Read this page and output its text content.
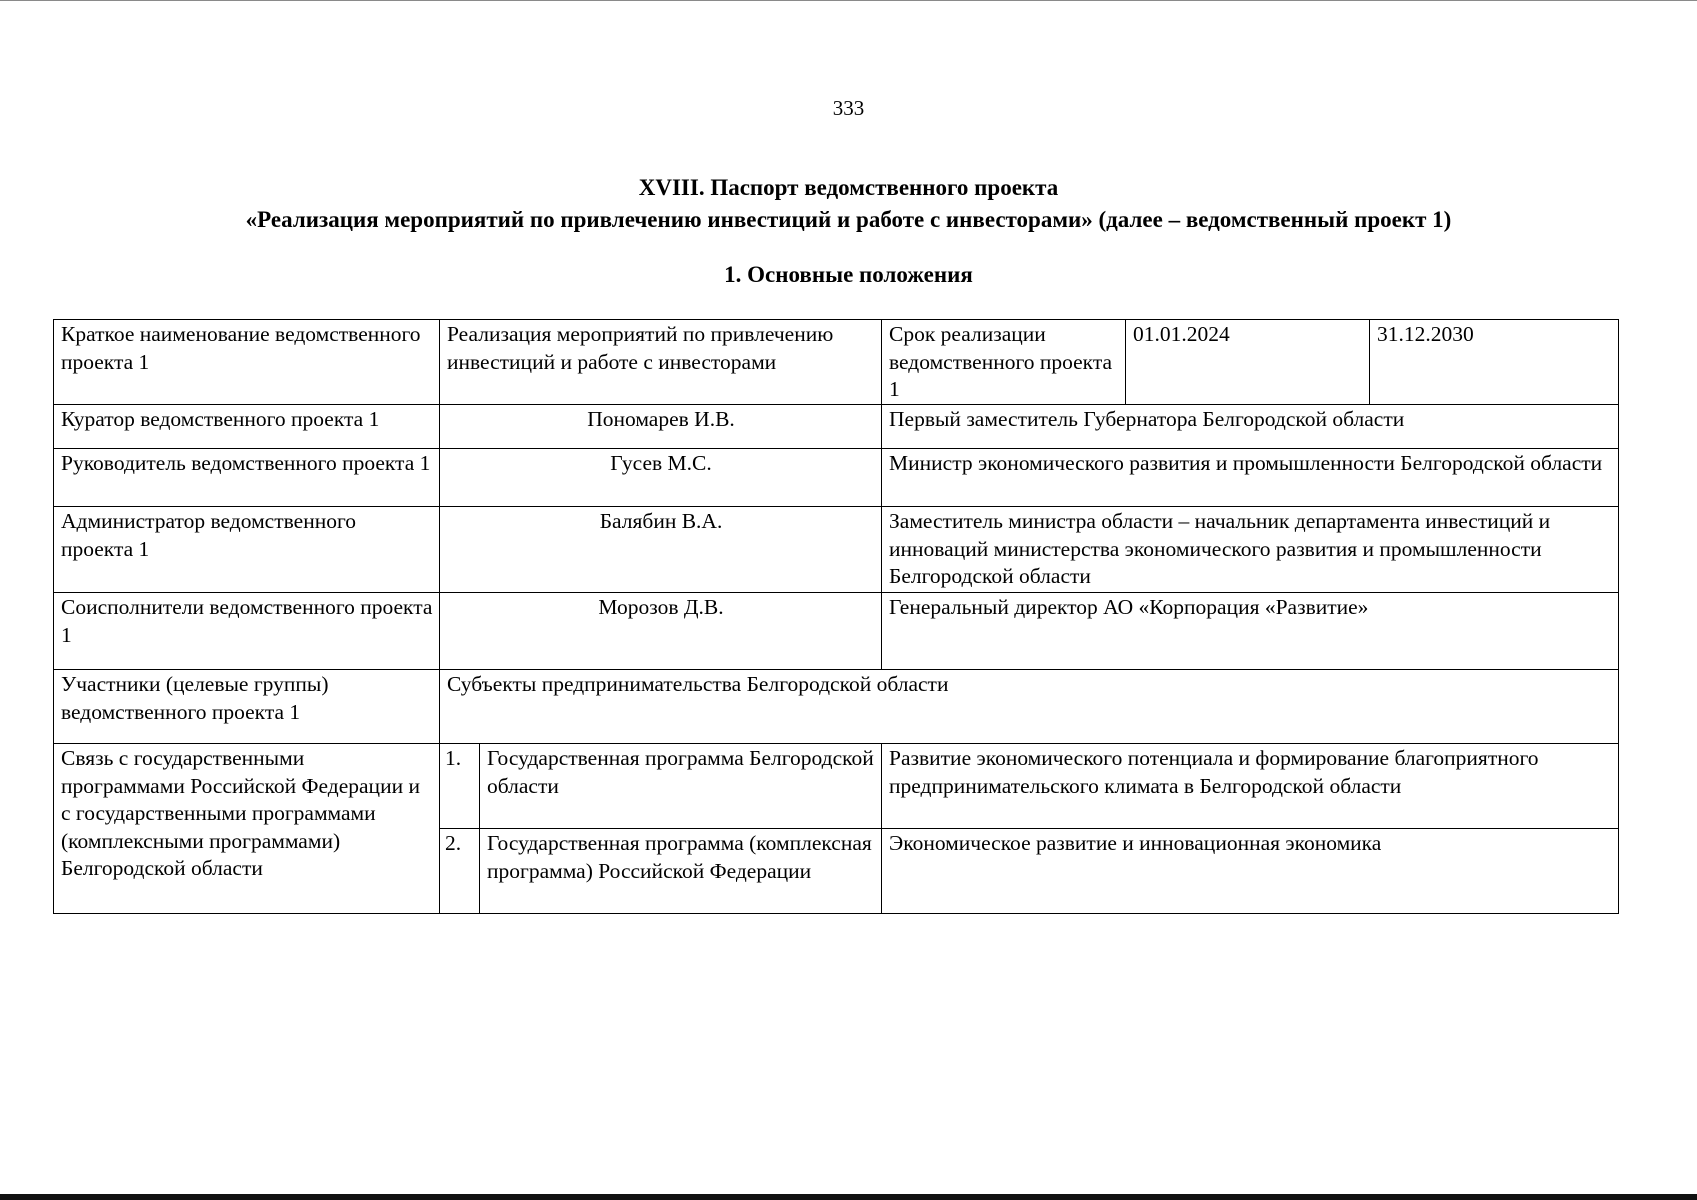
333
XVIII. Паспорт ведомственного проекта
«Реализация мероприятий по привлечению инвестиций и работе с инвесторами» (далее – ведомственный проект 1)
1. Основные положения
Краткое наименование ведомственного проекта 1	Реализация мероприятий по привлечению инвестиций и работе с инвесторами		Срок реализации ведомственного проекта 1	01.01.2024	31.12.2030
Куратор ведомственного проекта 1	Пономарев И.В.		Первый заместитель Губернатора Белгородской области		
Руководитель ведомственного проекта 1	Гусев М.С.		Министр экономического развития и промышленности Белгородской области		
Администратор ведомственного проекта 1	Балябин В.А.		Заместитель министра области – начальник департамента инвестиций и инноваций министерства экономического развития и промышленности Белгородской области		
Соисполнители ведомственного проекта 1	Морозов Д.В.		Генеральный директор АО «Корпорация «Развитие»		
Участники (целевые группы) ведомственного проекта 1	Субъекты предпринимательства Белгородской области				
Связь с государственными программами Российской Федерации и с государственными программами (комплексными программами) Белгородской области	1.	Государственная программа Белгородской области	Развитие экономического потенциала и формирование благоприятного предпринимательского климата в Белгородской области		
	2.	Государственная программа (комплексная программа) Российской Федерации	Экономическое развитие и инновационная экономика		
